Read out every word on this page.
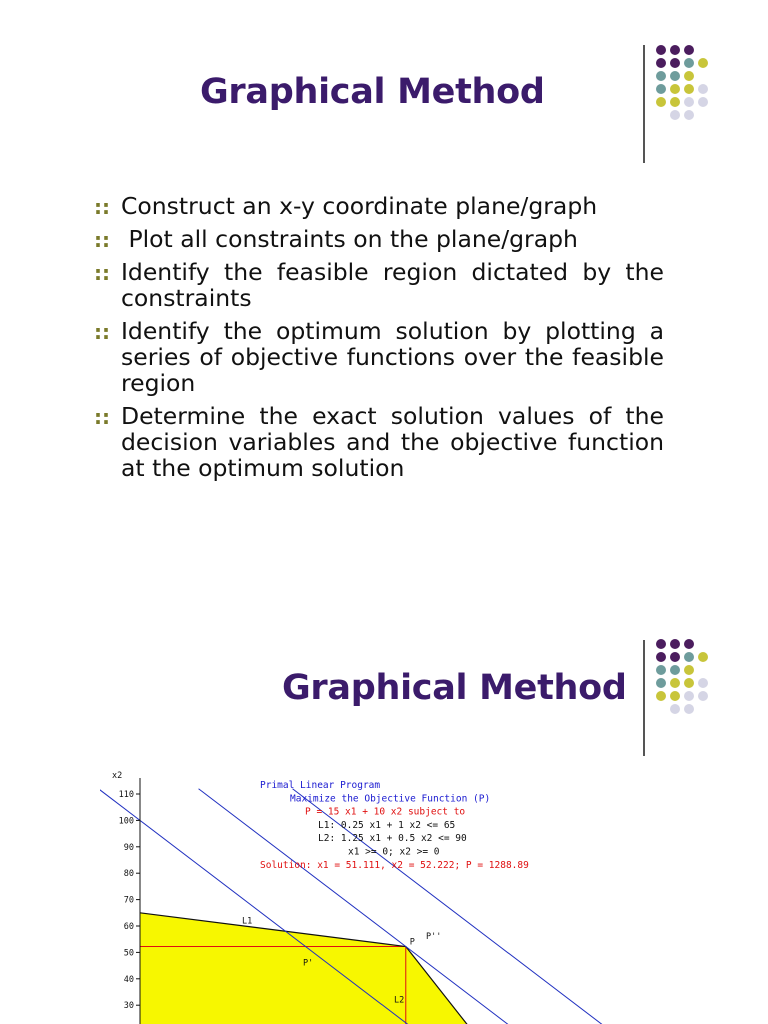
Graphical Method
:: Construct an x-y coordinate plane/graph
:: Plot all constraints on the plane/graph
:: Identify the feasible region dictated by the constraints
:: Identify the optimum solution by plotting a series of objective functions over the feasible region
:: Determine the exact solution values of the decision variables and the objective function at the optimum solution
Graphical Method
x2
110
100
90
80
70
60
50
40
30
Primal Linear Program
Maximize the Objective Function (P)
P = 15 x1 + 10 x2 subject to
L1: 0.25 x1 + 1 x2 <= 65
L2: 1.25 x1 + 0.5 x2 <= 90
x1 >= 0; x2 >= 0
Solution: x1 = 51.111, x2 = 52.222; P = 1288.89
P
L1
L2
P'
P''
